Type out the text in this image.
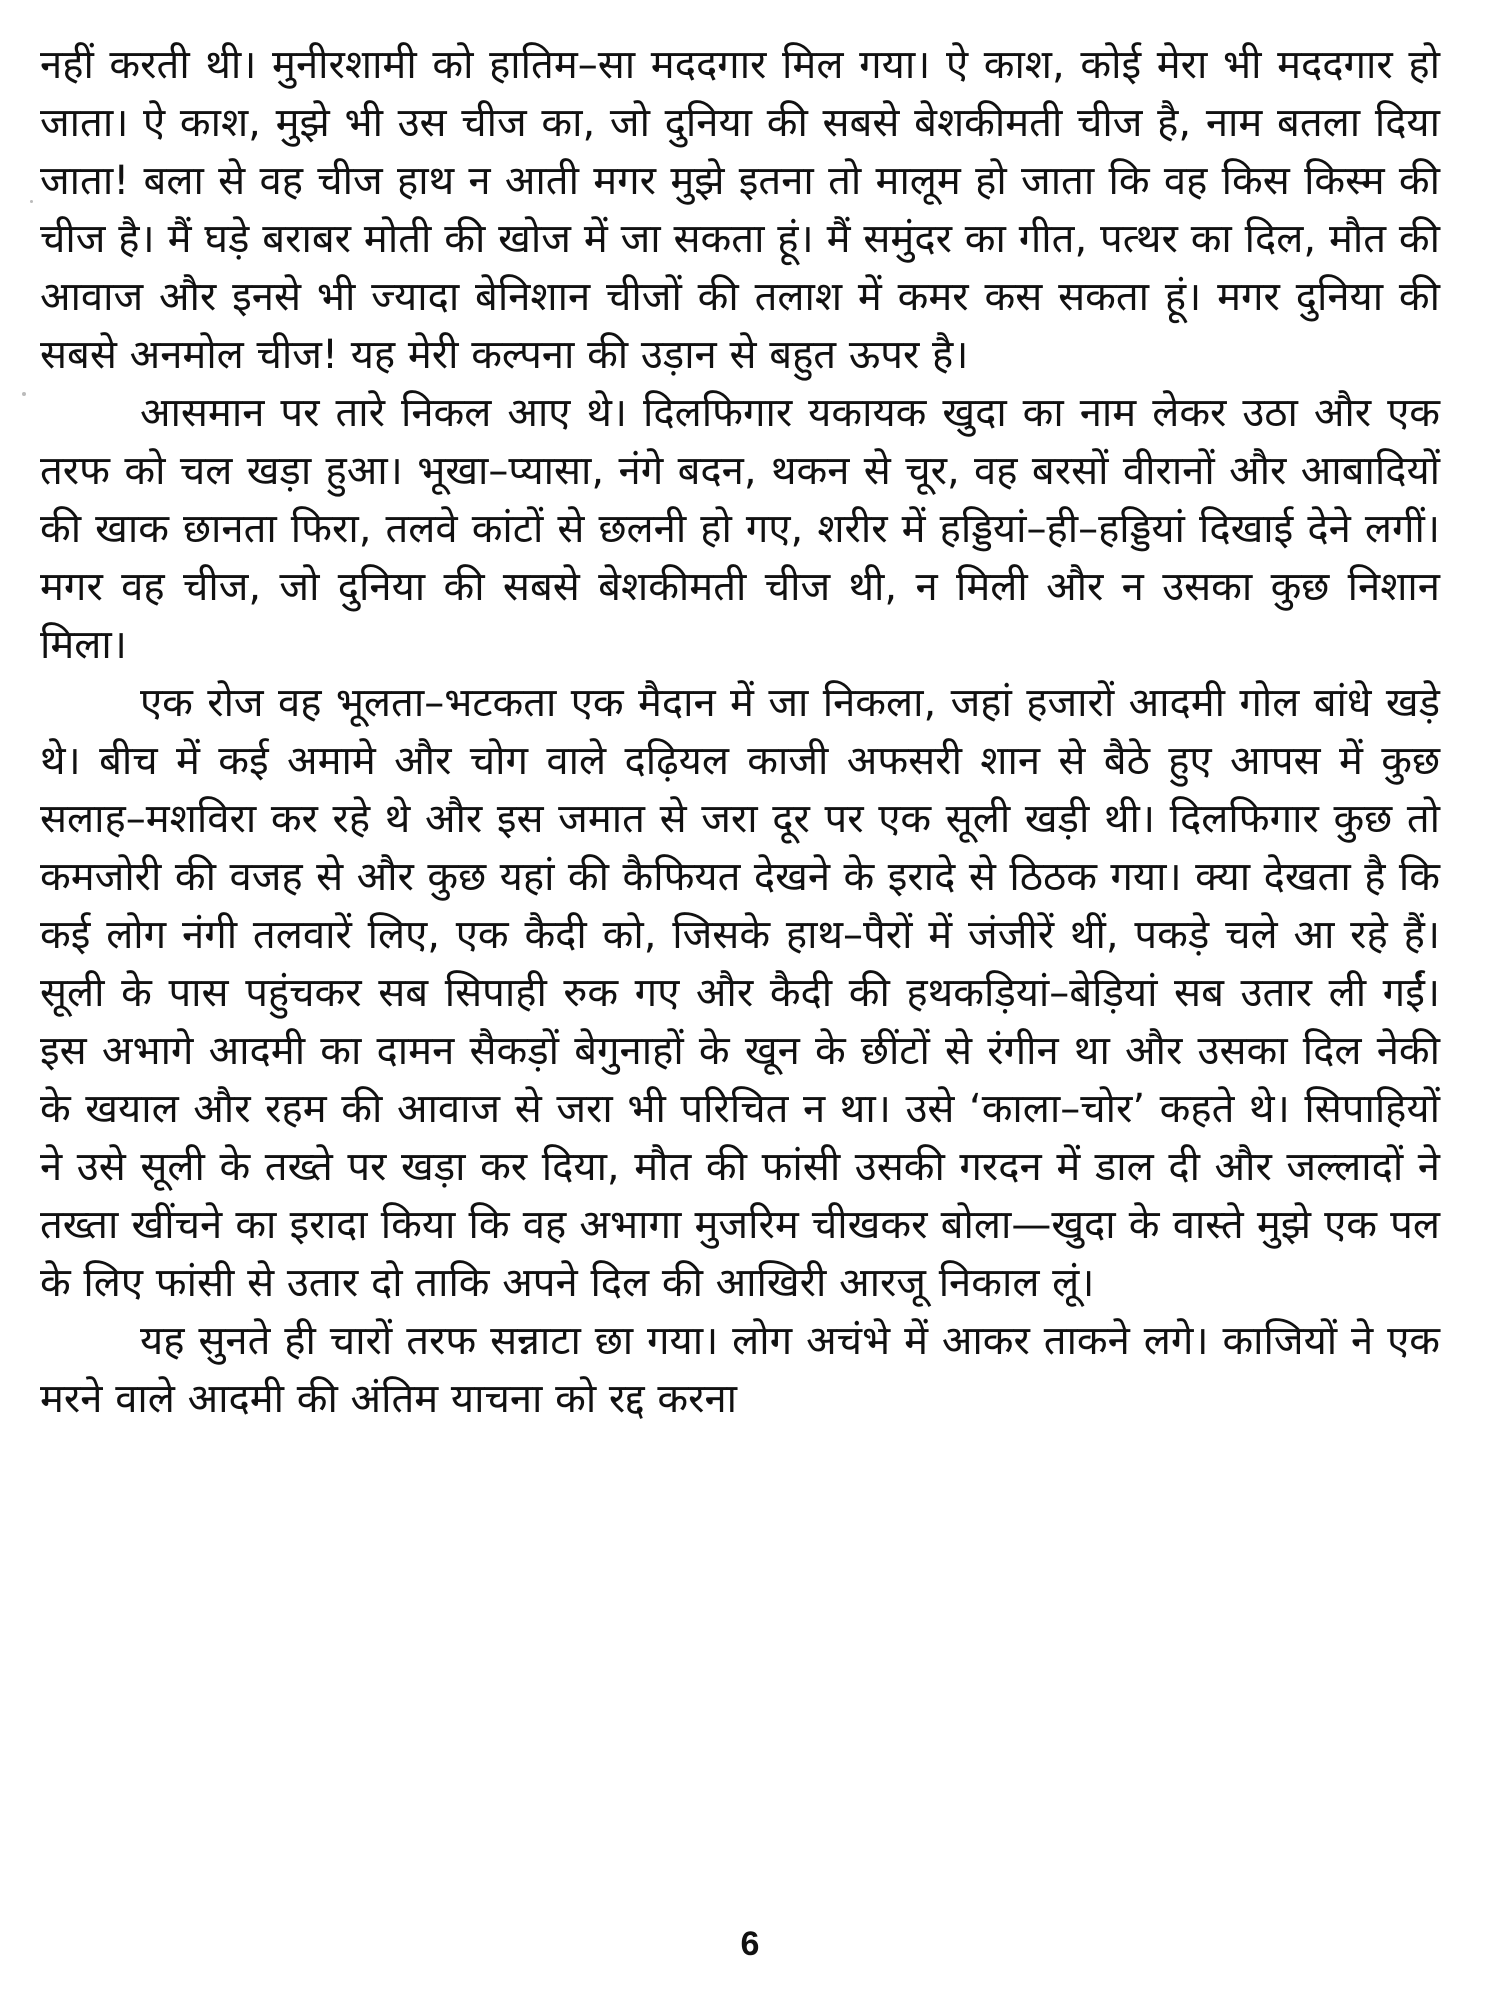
नहीं करती थी। मुनीरशामी को हातिम–सा मददगार मिल गया। ऐ काश, कोई मेरा भी मददगार हो जाता। ऐ काश, मुझे भी उस चीज का, जो दुनिया की सबसे बेशकीमती चीज है, नाम बतला दिया जाता! बला से वह चीज हाथ न आती मगर मुझे इतना तो मालूम हो जाता कि वह किस किस्म की चीज है। मैं घड़े बराबर मोती की खोज में जा सकता हूं। मैं समुंदर का गीत, पत्थर का दिल, मौत की आवाज और इनसे भी ज्यादा बेनिशान चीजों की तलाश में कमर कस सकता हूं। मगर दुनिया की सबसे अनमोल चीज! यह मेरी कल्पना की उड़ान से बहुत ऊपर है।

आसमान पर तारे निकल आए थे। दिलफिगार यकायक खुदा का नाम लेकर उठा और एक तरफ को चल खड़ा हुआ। भूखा–प्यासा, नंगे बदन, थकन से चूर, वह बरसों वीरानों और आबादियों की खाक छानता फिरा, तलवे कांटों से छलनी हो गए, शरीर में हड्डियां–ही–हड्डियां दिखाई देने लगीं। मगर वह चीज, जो दुनिया की सबसे बेशकीमती चीज थी, न मिली और न उसका कुछ निशान मिला।

एक रोज वह भूलता–भटकता एक मैदान में जा निकला, जहां हजारों आदमी गोल बांधे खड़े थे। बीच में कई अमामे और चोग वाले दढ़ियल काजी अफसरी शान से बैठे हुए आपस में कुछ सलाह–मशविरा कर रहे थे और इस जमात से जरा दूर पर एक सूली खड़ी थी। दिलफिगार कुछ तो कमजोरी की वजह से और कुछ यहां की कैफियत देखने के इरादे से ठिठक गया। क्या देखता है कि कई लोग नंगी तलवारें लिए, एक कैदी को, जिसके हाथ–पैरों में जंजीरें थीं, पकड़े चले आ रहे हैं। सूली के पास पहुंचकर सब सिपाही रुक गए और कैदी की हथकड़ियां–बेड़ियां सब उतार ली गईं। इस अभागे आदमी का दामन सैकड़ों बेगुनाहों के खून के छींटों से रंगीन था और उसका दिल नेकी के खयाल और रहम की आवाज से जरा भी परिचित न था। उसे ‘काला–चोर’ कहते थे। सिपाहियों ने उसे सूली के तख्ते पर खड़ा कर दिया, मौत की फांसी उसकी गरदन में डाल दी और जल्लादों ने तख्ता खींचने का इरादा किया कि वह अभागा मुजरिम चीखकर बोला—खुदा के वास्ते मुझे एक पल के लिए फांसी से उतार दो ताकि अपने दिल की आखिरी आरजू निकाल लूं।

यह सुनते ही चारों तरफ सन्नाटा छा गया। लोग अचंभे में आकर ताकने लगे। काजियों ने एक मरने वाले आदमी की अंतिम याचना को रद्द करना

6
